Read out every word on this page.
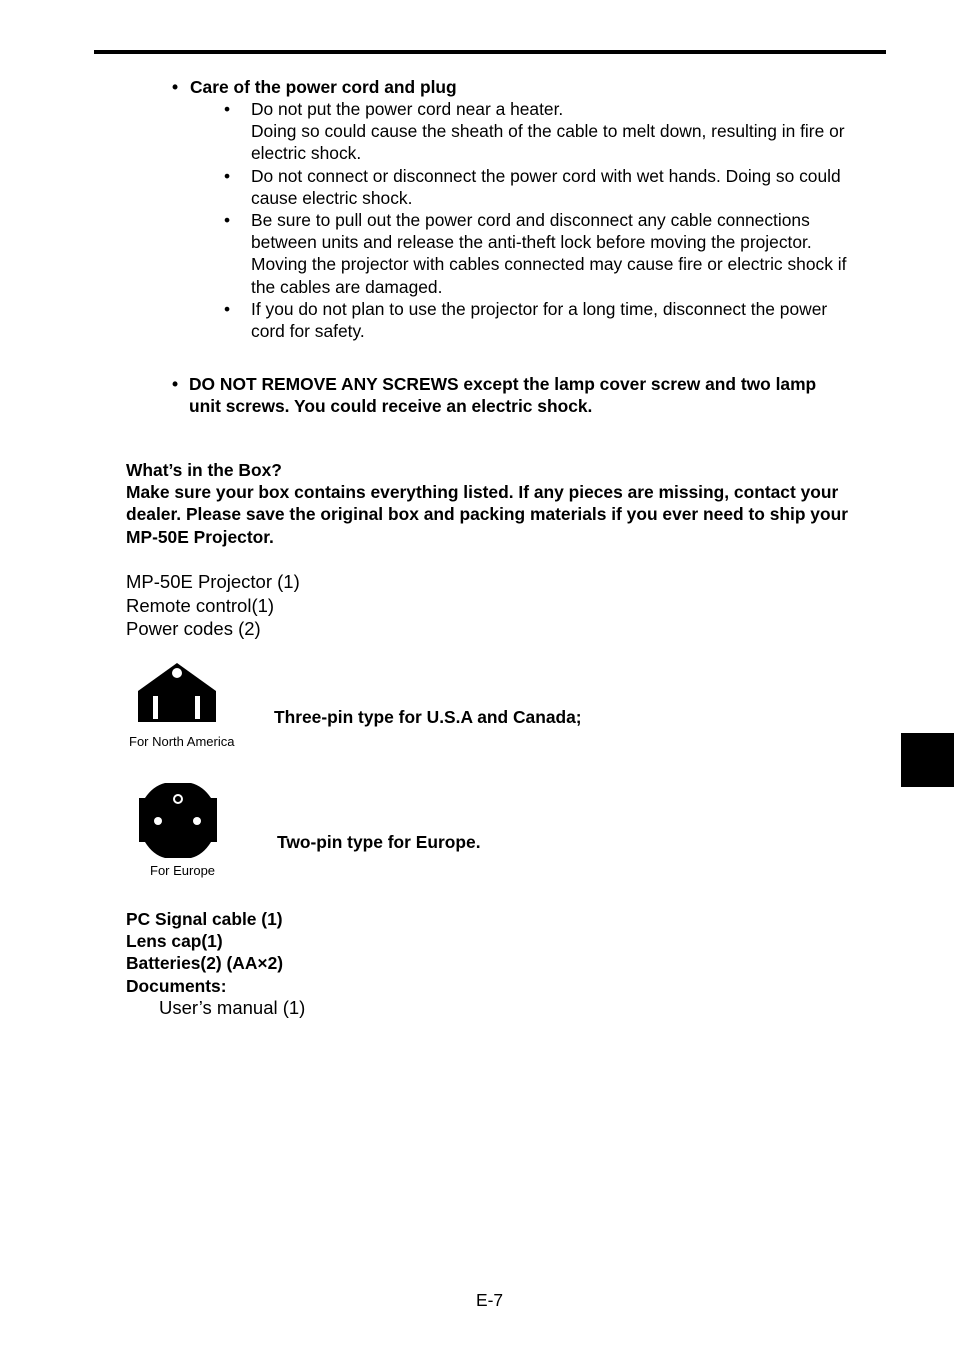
• Care of the power cord and plug
• Do not put the power cord near a heater.
Doing so could cause the sheath of the cable to melt down, resulting in fire or
electric shock.
• Do not connect or disconnect the power cord with wet hands. Doing so could
cause electric shock.
• Be sure to pull out the power cord and disconnect any cable connections
between units and release the anti-theft lock before moving the projector.
Moving the projector with cables connected may cause fire or electric shock if
the cables are damaged.
• If you do not plan to use the projector for a long time, disconnect the power
cord for safety.
• DO NOT REMOVE ANY SCREWS except the lamp cover screw and two lamp
unit screws. You could receive an electric shock.
What’s in the Box?
Make sure your box contains everything listed. If any pieces are missing, contact your
dealer. Please save the original box and packing materials if you ever need to ship your
MP-50E Projector.
MP-50E Projector (1)
Remote control(1)
Power codes (2)
For North America
Three-pin type for U.S.A and Canada;
For Europe
Two-pin type for Europe.
PC Signal cable (1)
Lens cap(1)
Batteries(2) (AA×2)
Documents:
User’s manual (1)
E-7
